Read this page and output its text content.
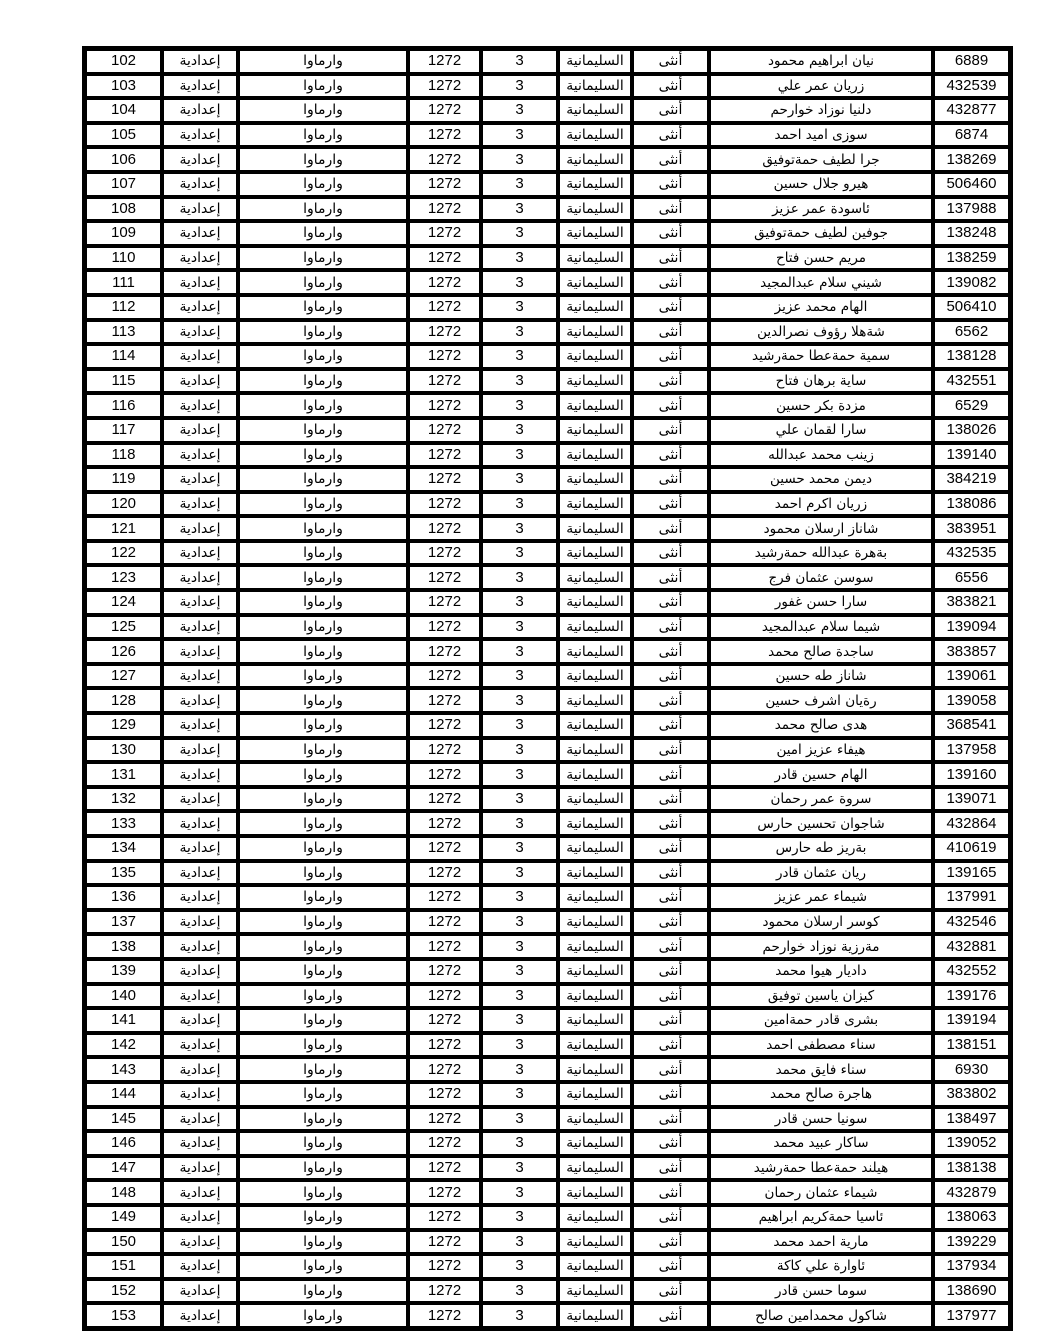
102	إعدادية	وارماوا	1272	3	السليمانية	أنثى	نيان ابراهيم محمود	6889
103	إعدادية	وارماوا	1272	3	السليمانية	أنثى	زريان عمر علي	432539
104	إعدادية	وارماوا	1272	3	السليمانية	أنثى	دلنيا نوزاد خوارحم	432877
105	إعدادية	وارماوا	1272	3	السليمانية	أنثى	سوزى اميد احمد	6874
106	إعدادية	وارماوا	1272	3	السليمانية	أنثى	جرا لطيف حمةتوفيق	138269
107	إعدادية	وارماوا	1272	3	السليمانية	أنثى	هيرو جلال حسين	506460
108	إعدادية	وارماوا	1272	3	السليمانية	أنثى	ئاسودة عمر عزيز	137988
109	إعدادية	وارماوا	1272	3	السليمانية	أنثى	جوفين لطيف حمةتوفيق	138248
110	إعدادية	وارماوا	1272	3	السليمانية	أنثى	مريم حسن فتاح	138259
111	إعدادية	وارماوا	1272	3	السليمانية	أنثى	شيني سلام عبدالمجيد	139082
112	إعدادية	وارماوا	1272	3	السليمانية	أنثى	الهام محمد عزيز	506410
113	إعدادية	وارماوا	1272	3	السليمانية	أنثى	شةهلا رؤوف نصرالدين	6562
114	إعدادية	وارماوا	1272	3	السليمانية	أنثى	سمية حمةعطا حمةرشيد	138128
115	إعدادية	وارماوا	1272	3	السليمانية	أنثى	ساية برهان فتاح	432551
116	إعدادية	وارماوا	1272	3	السليمانية	أنثى	مزدة بكر حسين	6529
117	إعدادية	وارماوا	1272	3	السليمانية	أنثى	سارا لقمان علي	138026
118	إعدادية	وارماوا	1272	3	السليمانية	أنثى	زينب محمد عبدالله	139140
119	إعدادية	وارماوا	1272	3	السليمانية	أنثى	ديمن محمد حسين	384219
120	إعدادية	وارماوا	1272	3	السليمانية	أنثى	زريان اكرم احمد	138086
121	إعدادية	وارماوا	1272	3	السليمانية	أنثى	شاناز ارسلان محمود	383951
122	إعدادية	وارماوا	1272	3	السليمانية	أنثى	بةهرة عبدالله حمةرشيد	432535
123	إعدادية	وارماوا	1272	3	السليمانية	أنثى	سوسن عثمان فرج	6556
124	إعدادية	وارماوا	1272	3	السليمانية	أنثى	سارا حسن غفور	383821
125	إعدادية	وارماوا	1272	3	السليمانية	أنثى	شيما سلام عبدالمجيد	139094
126	إعدادية	وارماوا	1272	3	السليمانية	أنثى	ساجدة صالح محمد	383857
127	إعدادية	وارماوا	1272	3	السليمانية	أنثى	شاناز طه حسين	139061
128	إعدادية	وارماوا	1272	3	السليمانية	أنثى	رةيان اشرف حسين	139058
129	إعدادية	وارماوا	1272	3	السليمانية	أنثى	هدى صالح محمد	368541
130	إعدادية	وارماوا	1272	3	السليمانية	أنثى	هيفاء عزيز امين	137958
131	إعدادية	وارماوا	1272	3	السليمانية	أنثى	الهام حسين قادر	139160
132	إعدادية	وارماوا	1272	3	السليمانية	أنثى	سروة عمر رحمان	139071
133	إعدادية	وارماوا	1272	3	السليمانية	أنثى	شاجوان تحسين حارس	432864
134	إعدادية	وارماوا	1272	3	السليمانية	أنثى	بةريز طه حارس	410619
135	إعدادية	وارماوا	1272	3	السليمانية	أنثى	ريان عثمان قادر	139165
136	إعدادية	وارماوا	1272	3	السليمانية	أنثى	شيماء عمر عزيز	137991
137	إعدادية	وارماوا	1272	3	السليمانية	أنثى	كوسر ارسلان محمود	432546
138	إعدادية	وارماوا	1272	3	السليمانية	أنثى	مةرزية نوزاد خوارحم	432881
139	إعدادية	وارماوا	1272	3	السليمانية	أنثى	داديار هيوا محمد	432552
140	إعدادية	وارماوا	1272	3	السليمانية	أنثى	كيزان ياسين توفيق	139176
141	إعدادية	وارماوا	1272	3	السليمانية	أنثى	بشرى قادر حمةامين	139194
142	إعدادية	وارماوا	1272	3	السليمانية	أنثى	سناء مصطفى احمد	138151
143	إعدادية	وارماوا	1272	3	السليمانية	أنثى	سناء فايق محمد	6930
144	إعدادية	وارماوا	1272	3	السليمانية	أنثى	هاجرة صالح محمد	383802
145	إعدادية	وارماوا	1272	3	السليمانية	أنثى	سونيا حسن قادر	138497
146	إعدادية	وارماوا	1272	3	السليمانية	أنثى	ساكار عبيد محمد	139052
147	إعدادية	وارماوا	1272	3	السليمانية	أنثى	هيلند حمةعطا حمةرشيد	138138
148	إعدادية	وارماوا	1272	3	السليمانية	أنثى	شيماء عثمان رحمان	432879
149	إعدادية	وارماوا	1272	3	السليمانية	أنثى	ئاسيا حمةكريم ابراهيم	138063
150	إعدادية	وارماوا	1272	3	السليمانية	أنثى	مارية احمد محمد	139229
151	إعدادية	وارماوا	1272	3	السليمانية	أنثى	ئاوارة علي كاكة	137934
152	إعدادية	وارماوا	1272	3	السليمانية	أنثى	سوما حسن قادر	138690
153	إعدادية	وارماوا	1272	3	السليمانية	أنثى	شاكول محمدامين صالح	137977
